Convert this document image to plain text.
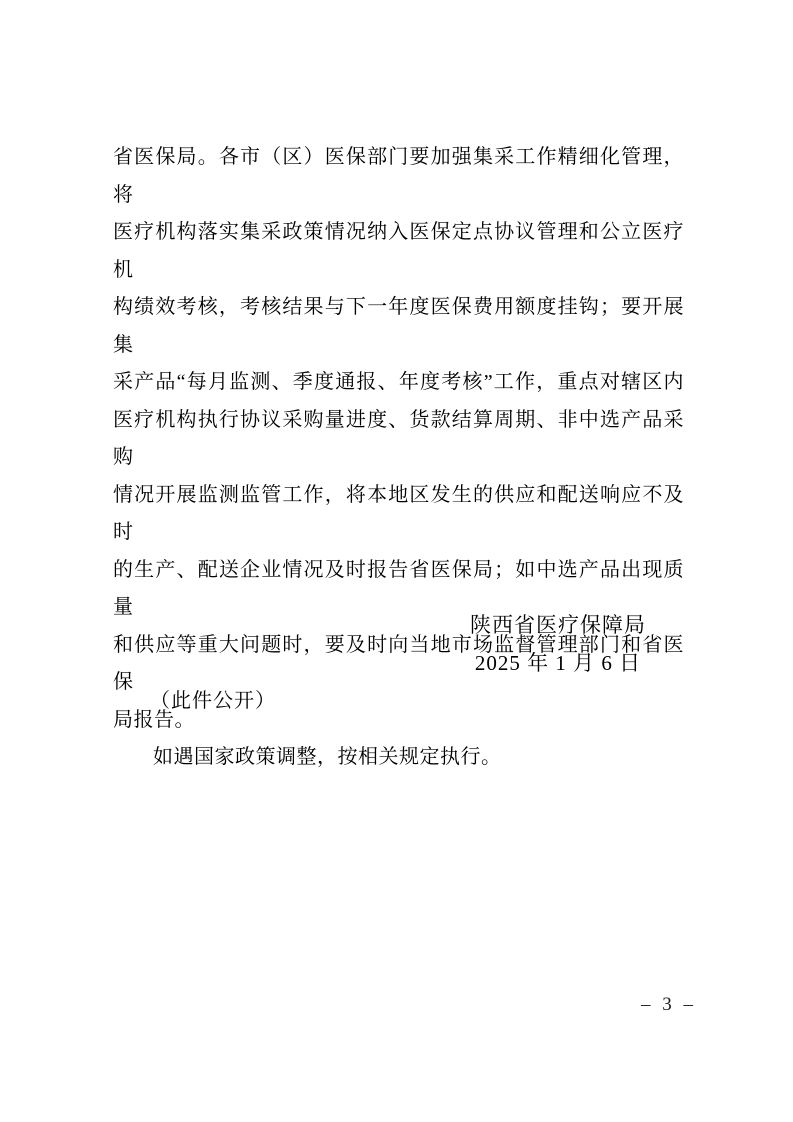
省医保局。各市（区）医保部门要加强集采工作精细化管理，将
医疗机构落实集采政策情况纳入医保定点协议管理和公立医疗机
构绩效考核，考核结果与下一年度医保费用额度挂钩；要开展集
采产品“每月监测、季度通报、年度考核”工作，重点对辖区内
医疗机构执行协议采购量进度、货款结算周期、非中选产品采购
情况开展监测监管工作，将本地区发生的供应和配送响应不及时
的生产、配送企业情况及时报告省医保局；如中选产品出现质量
和供应等重大问题时，要及时向当地市场监督管理部门和省医保
局报告。
如遇国家政策调整，按相关规定执行。
陕西省医疗保障局
2025 年 1 月 6 日
（此件公开）
– 3 –
